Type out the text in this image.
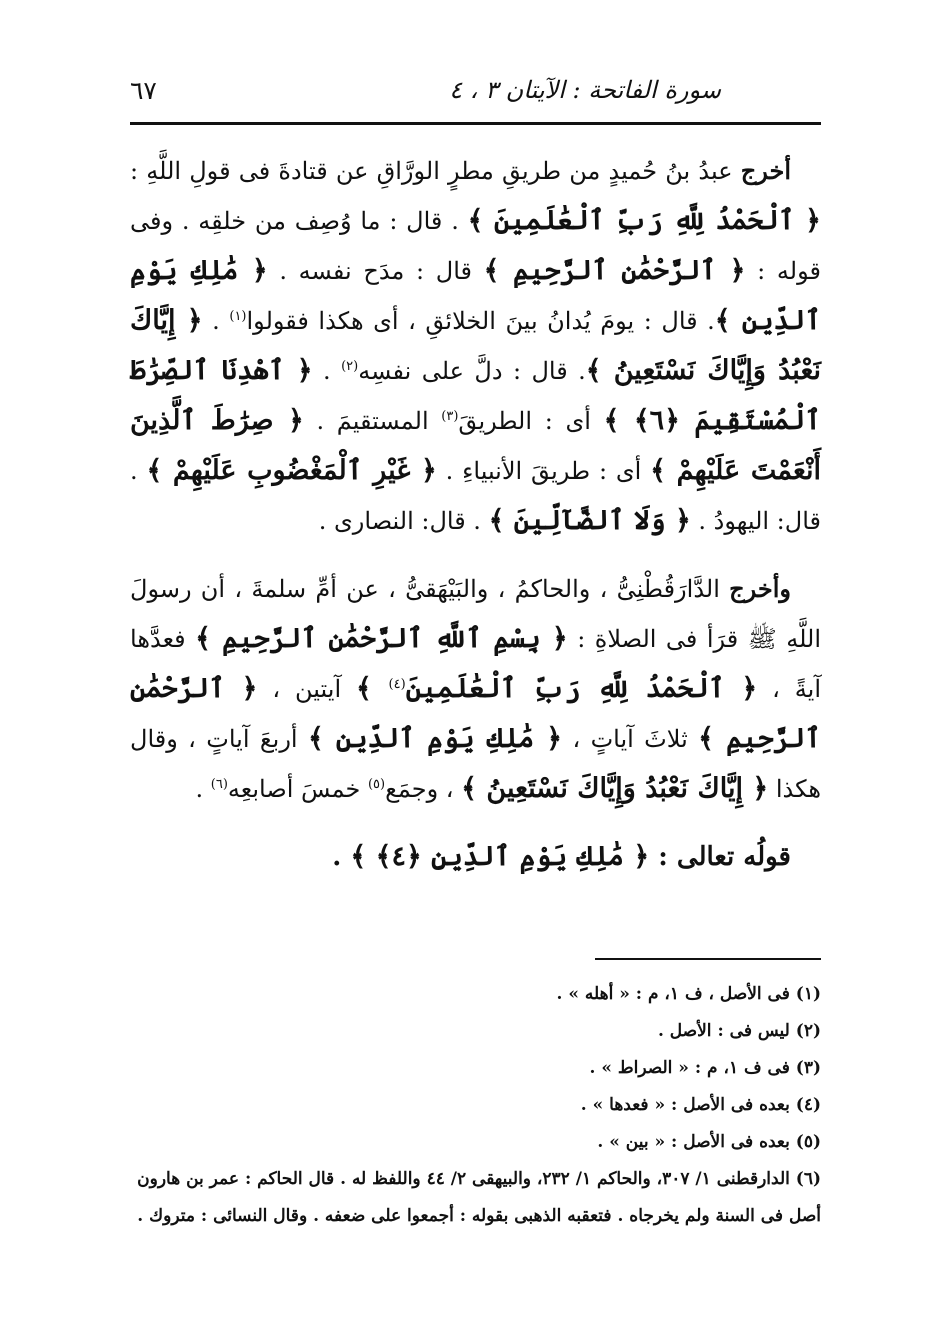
سورة الفاتحة : الآيتان ٣ ، ٤
٦٧

أخرج عبدُ بنُ حُميدٍ من طريقِ مطرٍ الورَّاقِ عن قتادةَ فى قولِ اللَّهِ : ﴿ ٱلْحَمْدُ لِلَّهِ رَبِّ ٱلْعَٰلَمِينَ ﴾ . قال : ما وُصِف من خلقِه . وفى قوله : ﴿ ٱلرَّحْمَٰنِ ٱلرَّحِيمِ ﴾ قال : مدَح نفسه . ﴿ مَٰلِكِ يَوْمِ ٱلدِّينِ ﴾. قال : يومَ يُدانُ بينَ الخلائقِ ، أى هكذا فقولوا$^{(١)}$ . ﴿ إِيَّاكَ نَعْبُدُ وَإِيَّاكَ نَسْتَعِينُ ﴾. قال : دلَّ على نفسِه$^{(٢)}$ . ﴿ ٱهْدِنَا ٱلصِّرَٰطَ ٱلْمُسْتَقِيمَ ﴿٦﴾ ﴾ أى : الطريقَ$^{(٣)}$ المستقيمَ . ﴿ صِرَٰطَ ٱلَّذِينَ أَنْعَمْتَ عَلَيْهِمْ ﴾ أى : طريقَ الأنبياءِ . ﴿ غَيْرِ ٱلْمَغْضُوبِ عَلَيْهِمْ ﴾ . قال: اليهودُ . ﴿ وَلَا ٱلضَّآلِّينَ ﴾ . قال: النصارى .

وأخرج الدَّارَقُطْنِىُّ ، والحاكمُ ، والبَيْهَقىُّ ، عن أمِّ سلمةَ ، أن رسولَ اللَّهِ ﷺ قرَأ فى الصلاةِ : ﴿ بِسْمِ ٱللَّهِ ٱلرَّحْمَٰنِ ٱلرَّحِيمِ ﴾ فعدَّها آيةً ، ﴿ ٱلْحَمْدُ لِلَّهِ رَبِّ ٱلْعَٰلَمِينَ$^{(٤)}$ ﴾ آيتين ، ﴿ ٱلرَّحْمَٰنِ ٱلرَّحِيمِ ﴾ ثلاثَ آياتٍ ، ﴿ مَٰلِكِ يَوْمِ ٱلدِّينِ ﴾ أربعَ آياتٍ ، وقال هكذا ﴿ إِيَّاكَ نَعْبُدُ وَإِيَّاكَ نَسْتَعِينُ ﴾ ، وجمَع$^{(٥)}$ خمسَ أصابعِه$^{(٦)}$ .

قولُه تعالى : ﴿ مَٰلِكِ يَوْمِ ٱلدِّينِ ﴿٤﴾ ﴾ .

(١) فى الأصل ، ف ١، م : « أهله » .
(٢) ليس فى : الأصل .
(٣) فى ف ١، م : « الصراط » .
(٤) بعده فى الأصل : « فعدها » .
(٥) بعده فى الأصل : « بين » .
(٦) الدارقطنى ١/ ٣٠٧، والحاكم ١/ ٢٣٢، والبيهقى ٢/ ٤٤ واللفظ له . قال الحاكم : عمر بن هارون
أصل فى السنة ولم يخرجاه . فتعقبه الذهبى بقوله : أجمعوا على ضعفه . وقال النسائى : متروك .
